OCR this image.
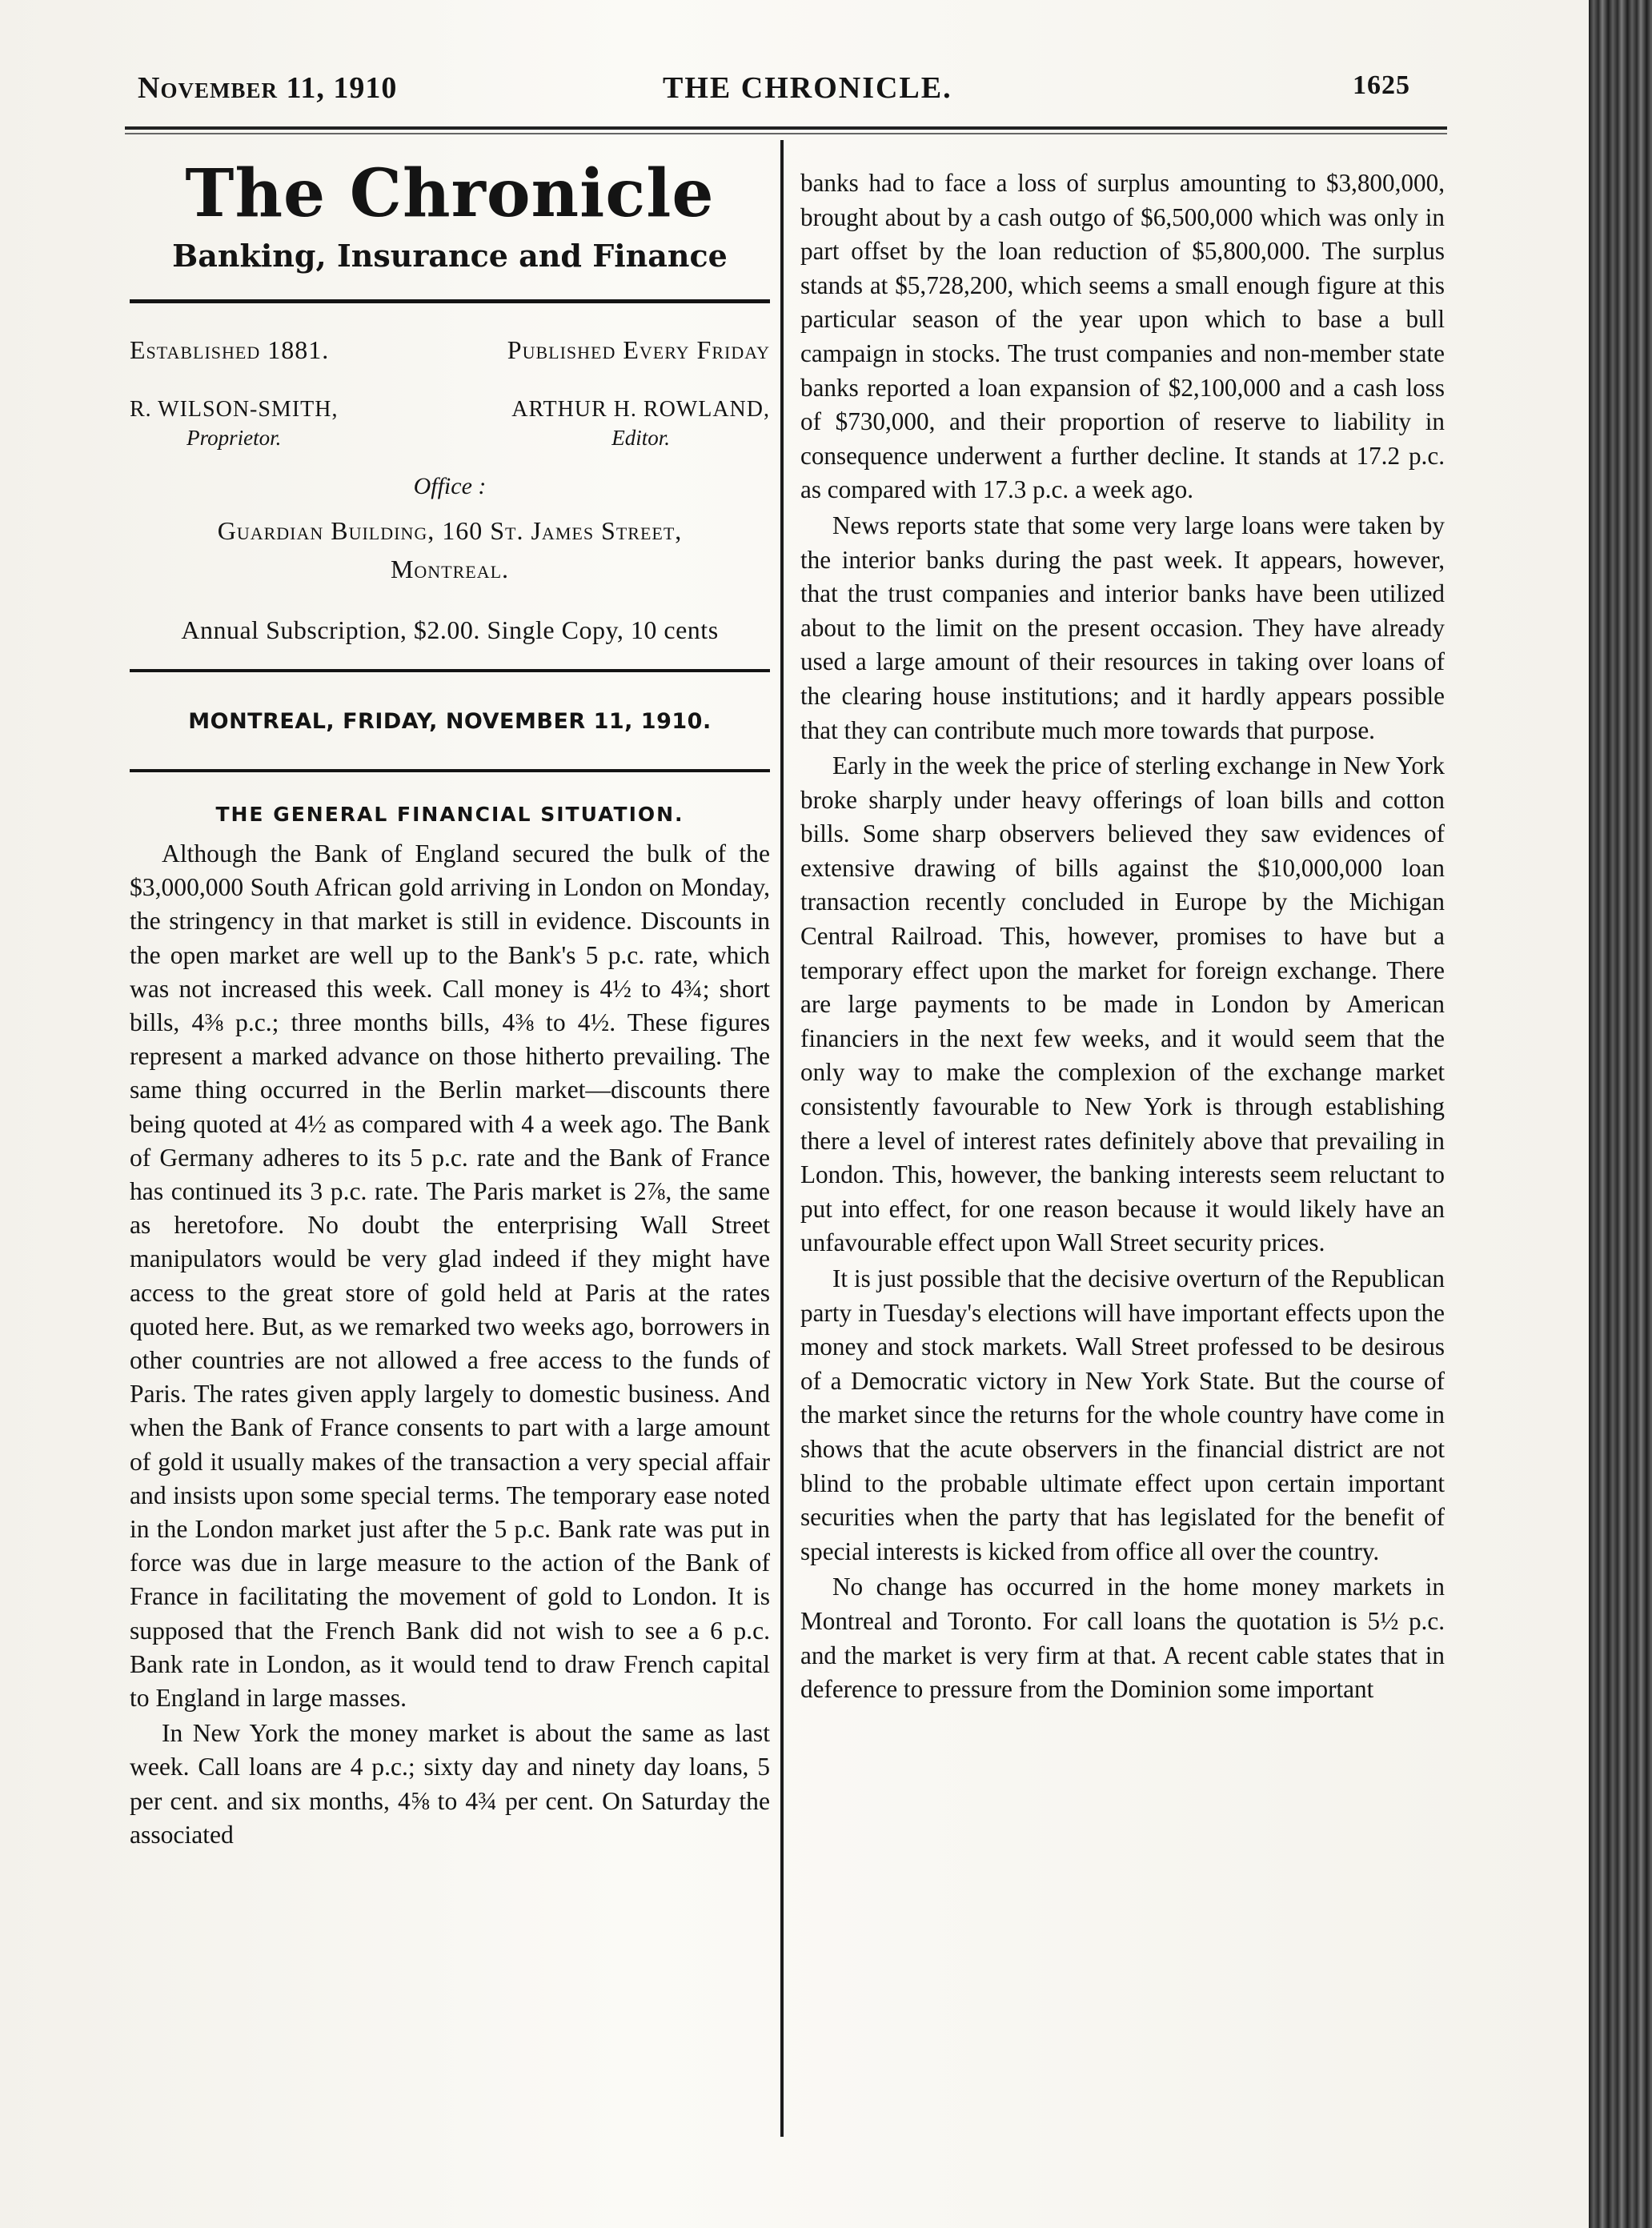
November 11, 1910	THE CHRONICLE.	1625
The Chronicle
Banking, Insurance and Finance
Established 1881.	Published Every Friday
R. WILSON-SMITH,
Proprietor.
ARTHUR H. ROWLAND,
Editor.
Office :
Guardian Building, 160 St. James Street,
Montreal.
Annual Subscription, $2.00. Single Copy, 10 cents
MONTREAL, FRIDAY, NOVEMBER 11, 1910.
THE GENERAL FINANCIAL SITUATION.

Although the Bank of England secured the bulk of the $3,000,000 South African gold arriving in London on Monday, the stringency in that market is still in evidence. Discounts in the open market are well up to the Bank's 5 p.c. rate, which was not increased this week. Call money is 4½ to 4¾; short bills, 4⅜ p.c.; three months bills, 4⅜ to 4½. These figures represent a marked advance on those hitherto prevailing. The same thing occurred in the Berlin market—discounts there being quoted at 4½ as compared with 4 a week ago. The Bank of Germany adheres to its 5 p.c. rate and the Bank of France has continued its 3 p.c. rate. The Paris market is 2⅞, the same as heretofore. No doubt the enterprising Wall Street manipulators would be very glad indeed if they might have access to the great store of gold held at Paris at the rates quoted here. But, as we remarked two weeks ago, borrowers in other countries are not allowed a free access to the funds of Paris. The rates given apply largely to domestic business. And when the Bank of France consents to part with a large amount of gold it usually makes of the transaction a very special affair and insists upon some special terms. The temporary ease noted in the London market just after the 5 p.c. Bank rate was put in force was due in large measure to the action of the Bank of France in facilitating the movement of gold to London. It is supposed that the French Bank did not wish to see a 6 p.c. Bank rate in London, as it would tend to draw French capital to England in large masses.

In New York the money market is about the same as last week. Call loans are 4 p.c.; sixty day and ninety day loans, 5 per cent. and six months, 4⅝ to 4¾ per cent. On Saturday the associated

banks had to face a loss of surplus amounting to $3,800,000, brought about by a cash outgo of $6,500,000 which was only in part offset by the loan reduction of $5,800,000. The surplus stands at $5,728,200, which seems a small enough figure at this particular season of the year upon which to base a bull campaign in stocks. The trust companies and non-member state banks reported a loan expansion of $2,100,000 and a cash loss of $730,000, and their proportion of reserve to liability in consequence underwent a further decline. It stands at 17.2 p.c. as compared with 17.3 p.c. a week ago.

News reports state that some very large loans were taken by the interior banks during the past week. It appears, however, that the trust companies and interior banks have been utilized about to the limit on the present occasion. They have already used a large amount of their resources in taking over loans of the clearing house institutions; and it hardly appears possible that they can contribute much more towards that purpose.

Early in the week the price of sterling exchange in New York broke sharply under heavy offerings of loan bills and cotton bills. Some sharp observers believed they saw evidences of extensive drawing of bills against the $10,000,000 loan transaction recently concluded in Europe by the Michigan Central Railroad. This, however, promises to have but a temporary effect upon the market for foreign exchange. There are large payments to be made in London by American financiers in the next few weeks, and it would seem that the only way to make the complexion of the exchange market consistently favourable to New York is through establishing there a level of interest rates definitely above that prevailing in London. This, however, the banking interests seem reluctant to put into effect, for one reason because it would likely have an unfavourable effect upon Wall Street security prices.

It is just possible that the decisive overturn of the Republican party in Tuesday's elections will have important effects upon the money and stock markets. Wall Street professed to be desirous of a Democratic victory in New York State. But the course of the market since the returns for the whole country have come in shows that the acute observers in the financial district are not blind to the probable ultimate effect upon certain important securities when the party that has legislated for the benefit of special interests is kicked from office all over the country.

No change has occurred in the home money markets in Montreal and Toronto. For call loans the quotation is 5½ p.c. and the market is very firm at that. A recent cable states that in deference to pressure from the Dominion some important
